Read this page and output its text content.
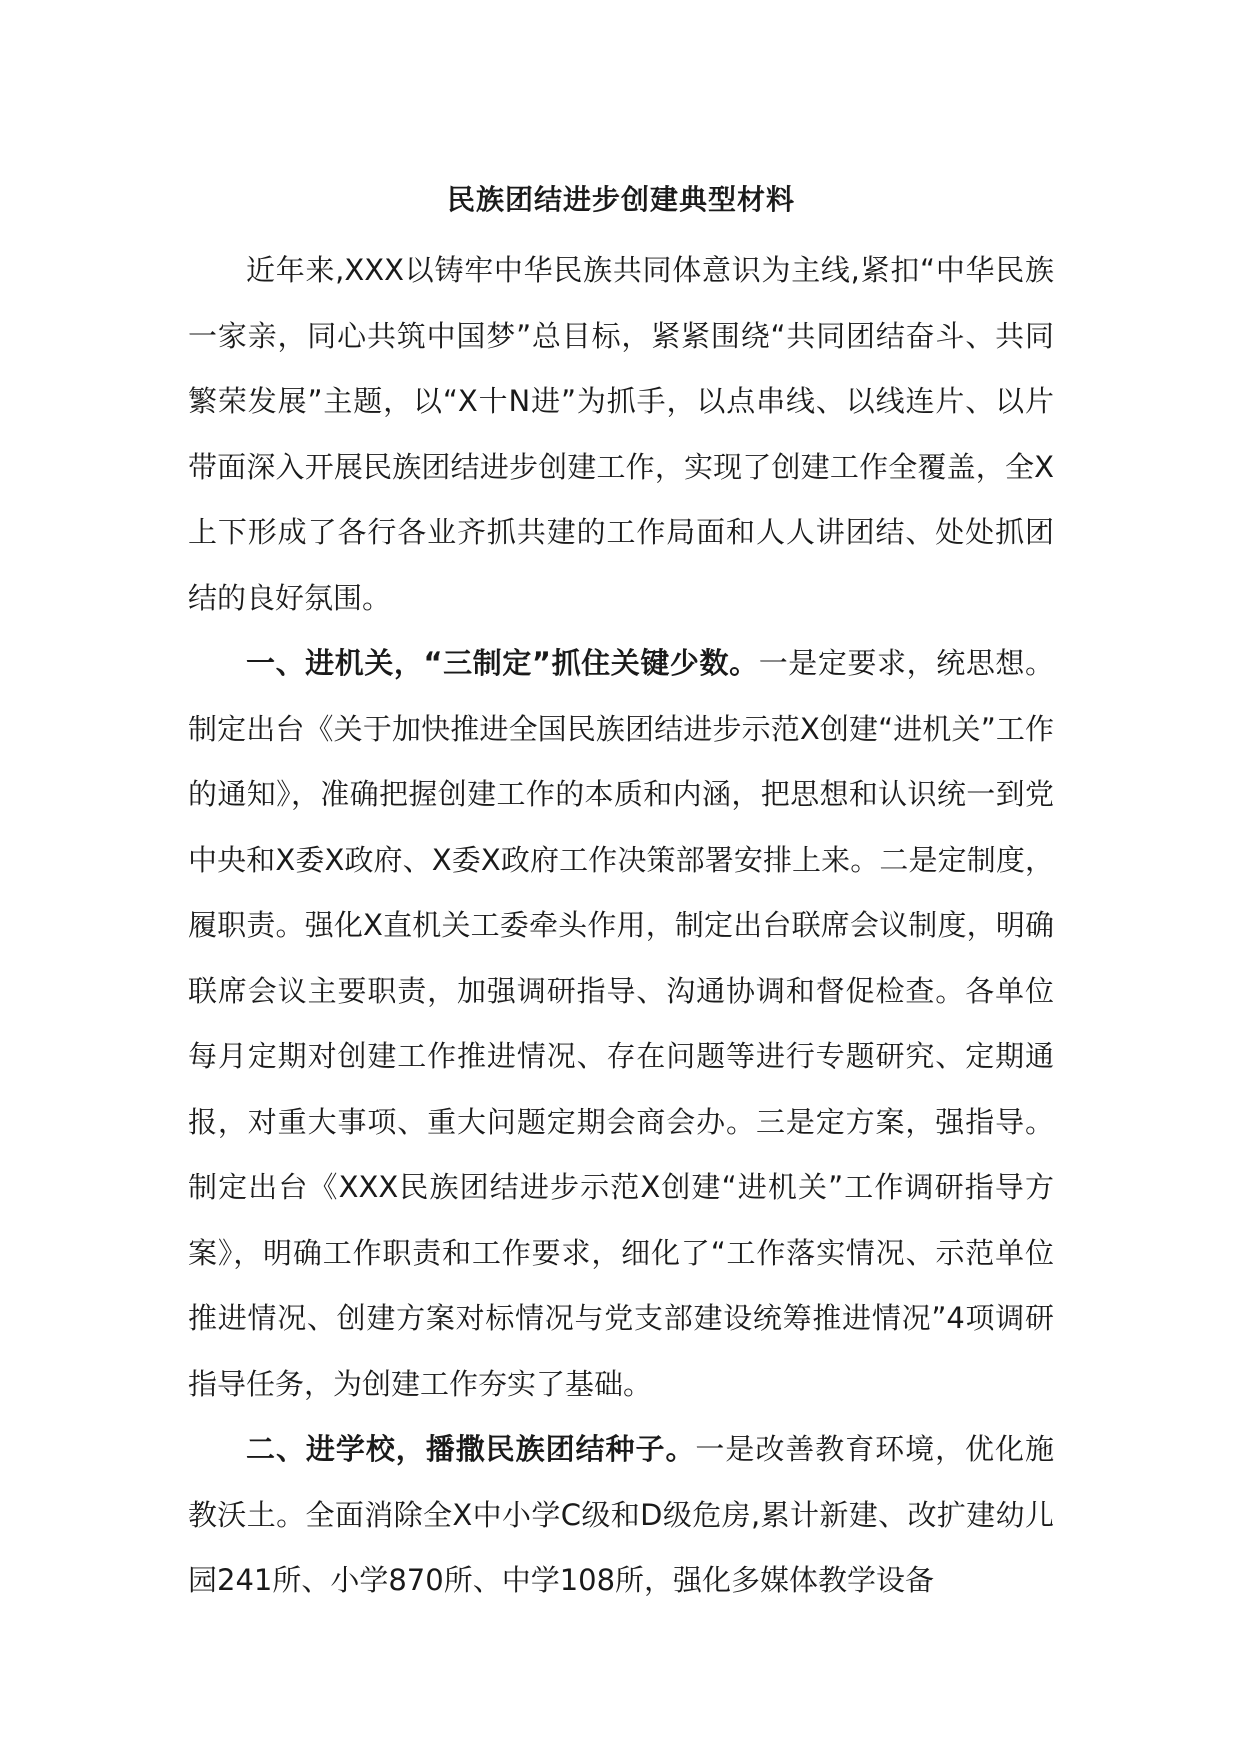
民族团结进步创建典型材料

近年来,XXX以铸牢中华民族共同体意识为主线,紧扣“中华民族一家亲，同心共筑中国梦”总目标，紧紧围绕“共同团结奋斗、共同繁荣发展”主题，以“X十N进”为抓手，以点串线、以线连片、以片带面深入开展民族团结进步创建工作，实现了创建工作全覆盖，全X上下形成了各行各业齐抓共建的工作局面和人人讲团结、处处抓团结的良好氛围。

一、进机关，“三制定”抓住关键少数。一是定要求，统思想。制定出台《关于加快推进全国民族团结进步示范X创建“进机关”工作的通知》，准确把握创建工作的本质和内涵，把思想和认识统一到党中央和X委X政府、X委X政府工作决策部署安排上来。二是定制度，履职责。强化X直机关工委牵头作用，制定出台联席会议制度，明确联席会议主要职责，加强调研指导、沟通协调和督促检查。各单位每月定期对创建工作推进情况、存在问题等进行专题研究、定期通报，对重大事项、重大问题定期会商会办。三是定方案，强指导。制定出台《XXX民族团结进步示范X创建“进机关”工作调研指导方案》，明确工作职责和工作要求，细化了“工作落实情况、示范单位推进情况、创建方案对标情况与党支部建设统筹推进情况”4项调研指导任务，为创建工作夯实了基础。

二、进学校，播撒民族团结种子。一是改善教育环境，优化施教沃土。全面消除全X中小学C级和D级危房,累计新建、改扩建幼儿园241所、小学870所、中学108所，强化多媒体教学设备
